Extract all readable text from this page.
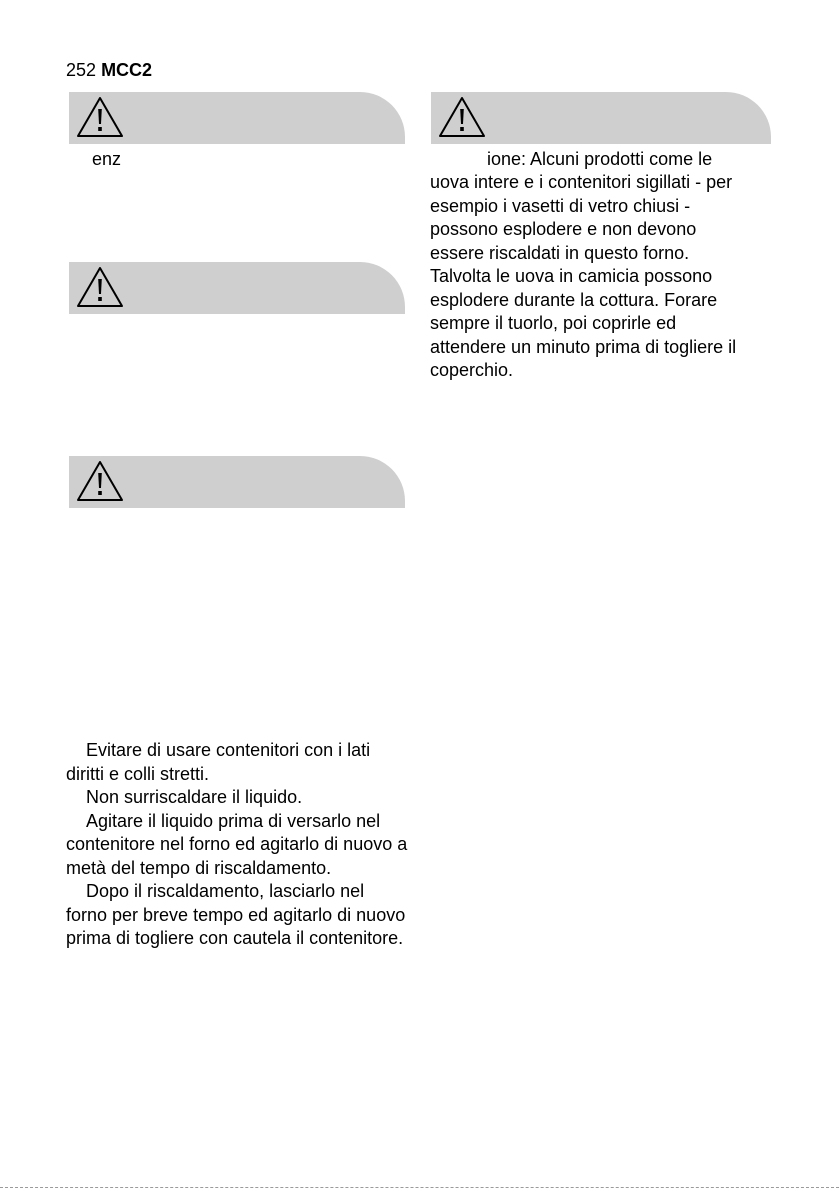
252 MCC2
enz	ione: Alcuni prodotti come le

uova intere e i contenitori sigillati - per

esempio i vasetti di vetro chiusi -

possono esplodere e non devono

essere riscaldati in questo forno.

Talvolta le uova in camicia possono

esplodere durante la cottura. Forare

sempre il tuorlo, poi coprirle ed

attendere un minuto prima di togliere il

coperchio.

Evitare di usare contenitori con i lati diritti e colli stretti.

Non surriscaldare il liquido.

Agitare il liquido prima di versarlo nel contenitore nel forno ed agitarlo di nuovo a metà del tempo di riscaldamento.

Dopo il riscaldamento, lasciarlo nel forno per breve tempo ed agitarlo di nuovo prima di togliere con cautela il contenitore.
